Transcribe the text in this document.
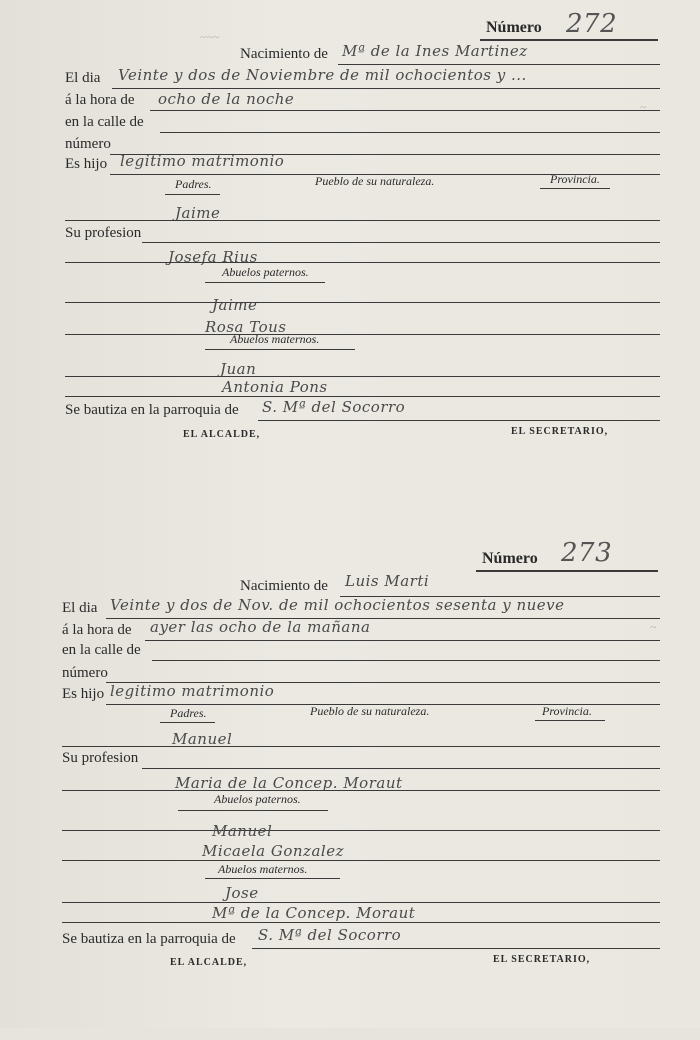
~~~
~
~
Número 272
Nacimiento de Mª de la Ines Martinez
El dia Veinte y dos de Noviembre de mil ochocientos y ...
á la hora de ocho de la noche
en la calle de
número
Es hijo legitimo matrimonio
Padres.	Pueblo de su naturaleza.	Provincia.
Jaime
Su profesion
Josefa Rius
Abuelos paternos.
Jaime
Rosa Tous
Abuelos maternos.
Juan
Antonia Pons
Se bautiza en la parroquia de S. Mª del Socorro
EL ALCALDE,	EL SECRETARIO,
Número 273
Nacimiento de Luis Marti
El dia Veinte y dos de Nov. de mil ochocientos sesenta y nueve
á la hora de ayer las ocho de la mañana
en la calle de
número
Es hijo legitimo matrimonio
Padres.	Pueblo de su naturaleza.	Provincia.
Manuel
Su profesion
Maria de la Concep. Moraut
Abuelos paternos.
Manuel
Micaela Gonzalez
Abuelos maternos.
Jose
Mª de la Concep. Moraut
Se bautiza en la parroquia de S. Mª del Socorro
EL ALCALDE,	EL SECRETARIO,
